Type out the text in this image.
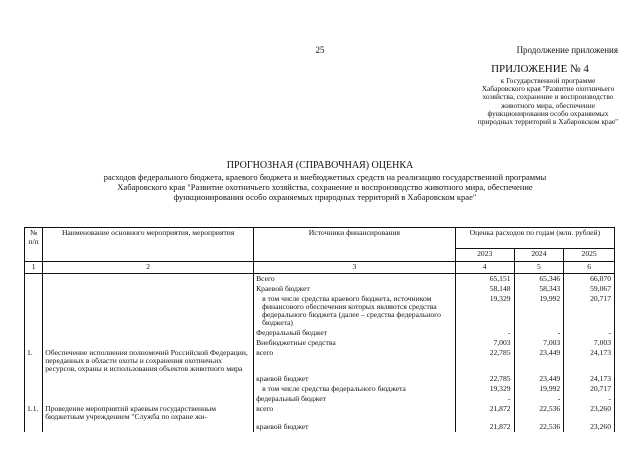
25	Продолжение приложения
ПРИЛОЖЕНИЕ № 4
к Государственной программе
Хабаровского края "Развитие охотничьего
хозяйства, сохранение и воспроизводство
животного мира, обеспечение
функционирования особо охраняемых
природных территорий в Хабаровском крае"
ПРОГНОЗНАЯ (СПРАВОЧНАЯ) ОЦЕНКА
расходов федерального бюджета, краевого бюджета и внебюджетных средств на реализацию государственной программы
Хабаровского края "Развитие охотничьего хозяйства, сохранение и воспроизводство животного мира, обеспечение
функционирования особо охраняемых природных территорий в Хабаровском крае"
№ п/п	Наименование основного мероприятия, мероприятия	Источники финансирования	Оценка расходов по годам (млн. рублей)		
			2023	2024	2025
1	2	3	4	5	6
		Всего	65,151	65,346	66,070
		Краевой бюджет	58,148	58,343	59,067
		в том числе средства краевого бюджета, источником финансового обеспечения которых являются средства федерального бюджета (далее – средства федерального бюджета)	19,329	19,992	20,717
		Федеральный бюджет	-	-	-
		Внебюджетные средства	7,003	7,003	7,003
1.	Обеспечение исполнения полномочий Российской Федерации, переданных в области охоты и сохранения охотничьих ресурсов, охраны и использования объектов животного мира	всего	22,785	23,449	24,173
		краевой бюджет	22,785	23,449	24,173
		в том числе средства федерального бюджета	19,329	19,992	20,717
		федеральный бюджет	-	-	-
1.1.	Проведение мероприятий краевым государственным бюджетным учреждением "Служба по охране жи-	всего	21,872	22,536	23,260
		краевой бюджет	21,872	22,536	23,260
